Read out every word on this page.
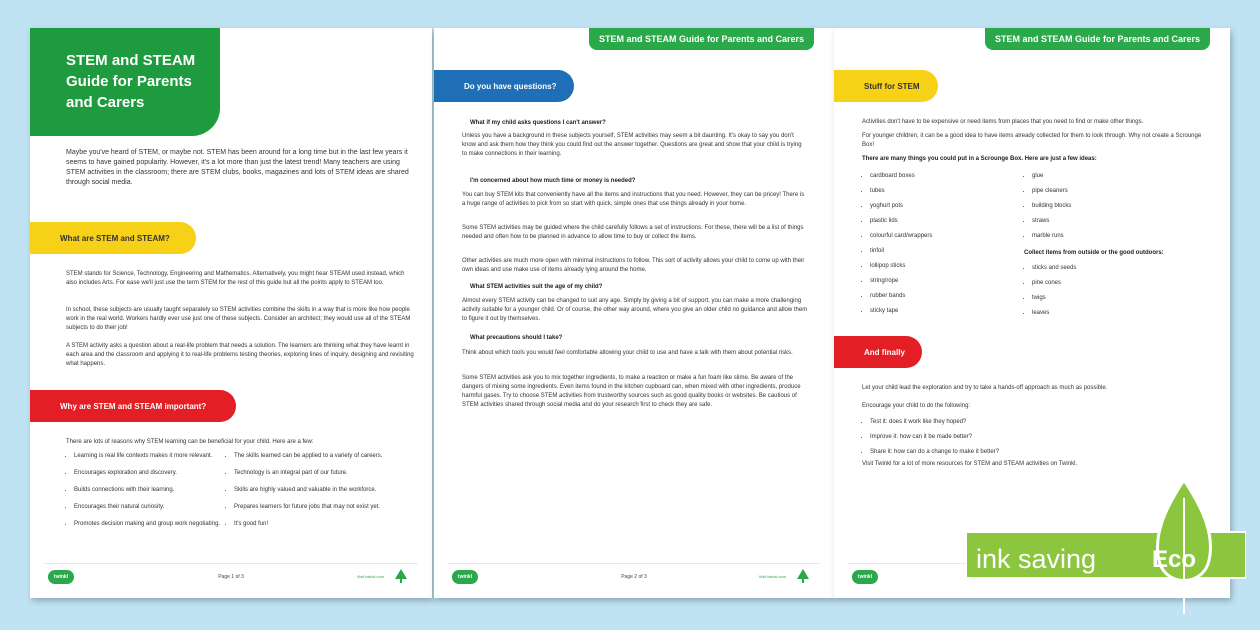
STEM and STEAM Guide for Parents and Carers
Maybe you've heard of STEM, or maybe not. STEM has been around for a long time but in the last few years it seems to have gained popularity. However, it's a lot more than just the latest trend! Many teachers are using STEM activities in the classroom; there are STEM clubs, books, magazines and lots of STEM ideas are shared through social media.
What are STEM and STEAM?
STEM stands for Science, Technology, Engineering and Mathematics. Alternatively, you might hear STEAM used instead, which also includes Arts. For ease we'll just use the term STEM for the rest of this guide but all the points apply to STEAM too.
In school, these subjects are usually taught separately so STEM activities combine the skills in a way that is more like how people work in the real world. Workers hardly ever use just one of these subjects. Consider an architect; they would use all of the STEAM subjects to do their job!
A STEM activity asks a question about a real-life problem that needs a solution. The learners are thinking what they have learnt in each area and the classroom and applying it to real-life problems testing theories, exploring lines of inquiry, designing and revisiting what happens.
Why are STEM and STEAM important?
There are lots of reasons why STEM learning can be beneficial for your child. Here are a few:
• Learning is real life contexts makes it more relevant.
• Encourages exploration and discovery.
• Builds connections with their learning.
• Encourages their natural curiosity.
• Promotes decision making and group work negotiating.
• The skills learned can be applied to a variety of careers.
• Technology is an integral part of our future.
• Skills are highly valued and valuable in the workforce.
• Prepares learners for future jobs that may not exist yet.
• It's good fun!
twinkl	Page 1 of 3	Visit twinkl.com
STEM and STEAM Guide for Parents and Carers
Do you have questions?
What if my child asks questions I can't answer?
Unless you have a background in these subjects yourself, STEM activities may seem a bit daunting. It's okay to say you don't know and ask them how they think you could find out the answer together. Questions are great and show that your child is trying to make connections in their learning.
I'm concerned about how much time or money is needed?
You can buy STEM kits that conveniently have all the items and instructions that you need. However, they can be pricey! There is a huge range of activities to pick from so start with quick, simple ones that use things already in your home.
Some STEM activities may be guided where the child carefully follows a set of instructions. For these, there will be a list of things needed and often how to be planned in advance to allow time to buy or collect the items.
Other activities are much more open with minimal instructions to follow. This sort of activity allows your child to come up with their own ideas and use make use of items already lying around the home.
What STEM activities suit the age of my child?
Almost every STEM activity can be changed to suit any age. Simply by giving a bit of support, you can make a more challenging activity suitable for a younger child. Or of course, the other way around, where you give an older child no guidance and allow them to figure it out by themselves.
What precautions should I take?
Think about which tools you would feel comfortable allowing your child to use and have a talk with them about potential risks.
Some STEM activities ask you to mix together ingredients, to make a reaction or make a fun foam like slime. Be aware of the dangers of mixing some ingredients. Even items found in the kitchen cupboard can, when mixed with other ingredients, produce harmful gases. Try to choose STEM activities from trustworthy sources such as good quality books or websites. Be cautious of STEM activities shared through social media and do your research first to check they are safe.
twinkl	Page 2 of 3	Visit twinkl.com
STEM and STEAM Guide for Parents and Carers
Stuff for STEM
Activities don't have to be expensive or need items from places that you need to find or make other things.
For younger children, it can be a good idea to have items already collected for them to look through. Why not create a Scrounge Box!
There are many things you could put in a Scrounge Box. Here are just a few ideas:
• cardboard boxes
• tubes
• yoghurt pots
• plastic lids
• colourful card/wrappers
• tinfoil
• lollipop sticks
• string/rope
• rubber bands
• sticky tape
• glue
• pipe cleaners
• building blocks
• straws
• marble runs
Collect items from outside or the good outdoors:
• sticks and seeds
• pine cones
• twigs
• leaves
And finally
Let your child lead the exploration and try to take a hands-off approach as much as possible.
Encourage your child to do the following:
• Test it: does it work like they hoped?
• Improve it: how can it be made better?
• Share it: how can do a change to make it better?
Visit Twinkl for a lot of more resources for STEM and STEAM activities on Twinkl.
twinkl
ink saving Eco
